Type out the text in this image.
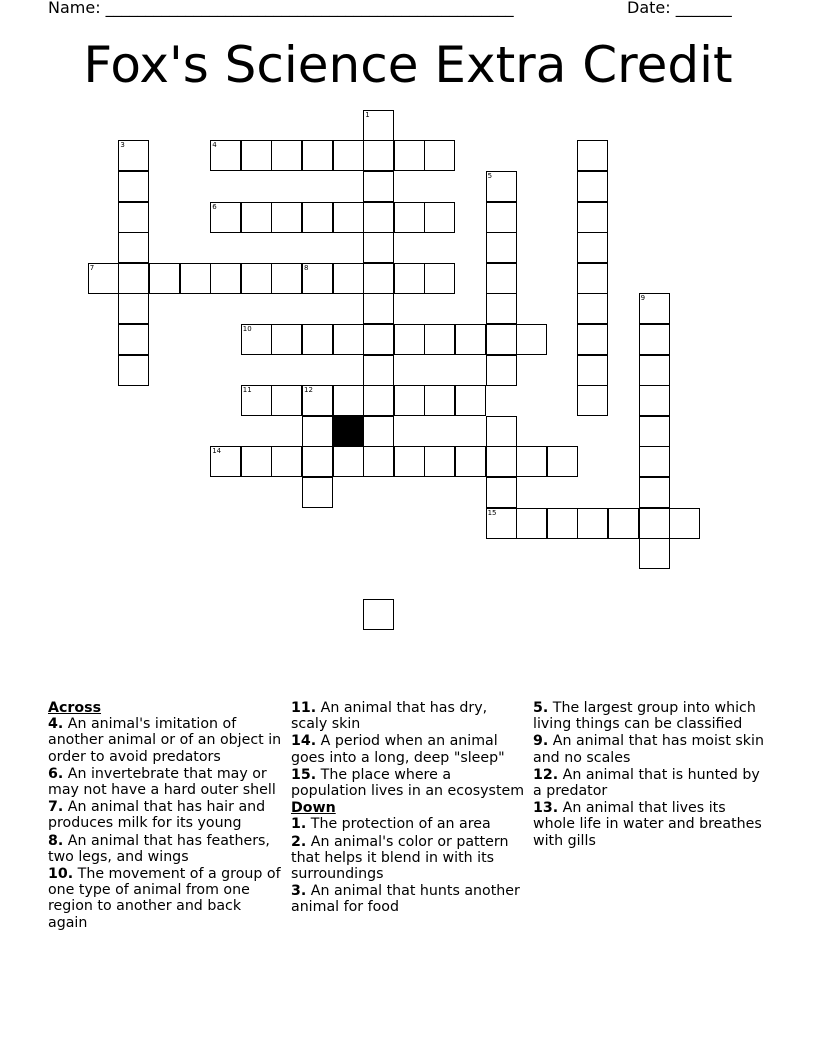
Name: ___________________________________________________	Date: _______
Fox's Science Extra Credit
1
3	4
5
6
7	8
9
10
11	12
14
15
Across
4. An animal's imitation of another animal or of an object in order to avoid predators
6. An invertebrate that may or may not have a hard outer shell
7. An animal that has hair and produces milk for its young
8. An animal that has feathers, two legs, and wings
10. The movement of a group of one type of animal from one region to another and back again
11. An animal that has dry, scaly skin
14. A period when an animal goes into a long, deep "sleep"
15. The place where a population lives in an ecosystem
Down
1. The protection of an area
2. An animal's color or pattern that helps it blend in with its surroundings
3. An animal that hunts another animal for food
5. The largest group into which living things can be classified
9. An animal that has moist skin and no scales
12. An animal that is hunted by a predator
13. An animal that lives its whole life in water and breathes with gills
